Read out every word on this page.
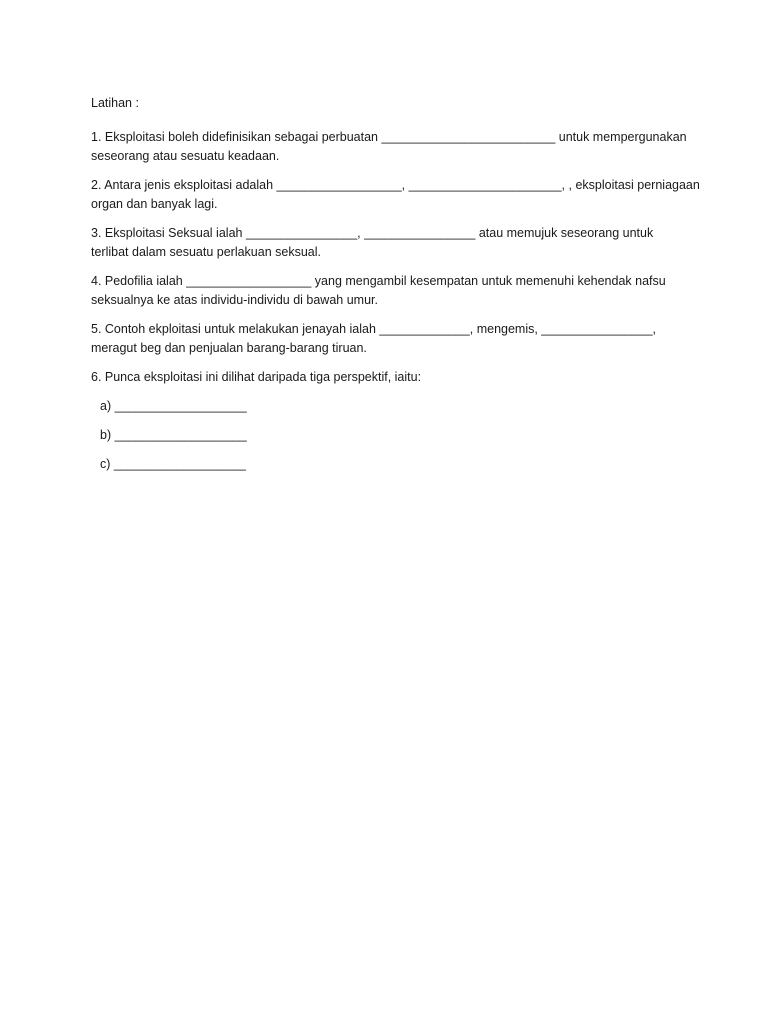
Latihan :
1. Eksploitasi boleh didefinisikan sebagai perbuatan _________________________ untuk mempergunakan
seseorang atau sesuatu keadaan.
2. Antara jenis eksploitasi adalah __________________, ______________________, , eksploitasi perniagaan
organ dan banyak lagi.
3. Eksploitasi Seksual ialah ________________, ________________ atau memujuk seseorang untuk
terlibat dalam sesuatu perlakuan seksual.
4. Pedofilia ialah __________________ yang mengambil kesempatan untuk memenuhi kehendak nafsu
seksualnya ke atas individu-individu di bawah umur.
5. Contoh ekploitasi untuk melakukan jenayah ialah _____________, mengemis, ________________,
meragut beg dan penjualan barang-barang tiruan.
6. Punca eksploitasi ini dilihat daripada tiga perspektif, iaitu:
a) ___________________
b) ___________________
c) ___________________
